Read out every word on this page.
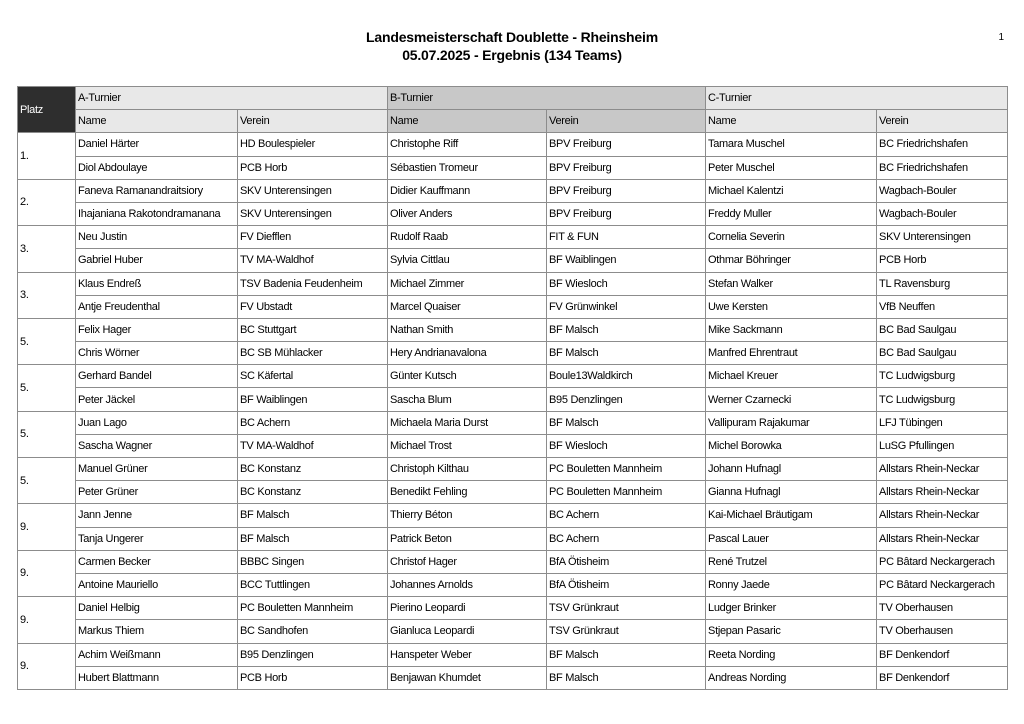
Landesmeisterschaft Doublette - Rheinsheim
05.07.2025 - Ergebnis (134 Teams)
1
Platz	A-Turnier		B-Turnier		C-Turnier	
	Name	Verein	Name	Verein	Name	Verein
1.	Daniel Härter	HD Boulespieler	Christophe Riff	BPV Freiburg	Tamara Muschel	BC Friedrichshafen
	Diol Abdoulaye	PCB Horb	Sébastien Tromeur	BPV Freiburg	Peter Muschel	BC Friedrichshafen
2.	Faneva Ramanandraitsiory	SKV Unterensingen	Didier Kauffmann	BPV Freiburg	Michael Kalentzi	Wagbach-Bouler
	Ihajaniana Rakotondramanana	SKV Unterensingen	Oliver Anders	BPV Freiburg	Freddy Muller	Wagbach-Bouler
3.	Neu Justin	FV Diefflen	Rudolf Raab	FIT & FUN	Cornelia Severin	SKV Unterensingen
	Gabriel Huber	TV MA-Waldhof	Sylvia Cittlau	BF Waiblingen	Othmar Böhringer	PCB Horb
3.	Klaus Endreß	TSV Badenia Feudenheim	Michael Zimmer	BF Wiesloch	Stefan Walker	TL Ravensburg
	Antje Freudenthal	FV Ubstadt	Marcel Quaiser	FV Grünwinkel	Uwe Kersten	VfB Neuffen
5.	Felix Hager	BC Stuttgart	Nathan Smith	BF Malsch	Mike Sackmann	BC Bad Saulgau
	Chris Wörner	BC SB Mühlacker	Hery Andrianavalona	BF Malsch	Manfred Ehrentraut	BC Bad Saulgau
5.	Gerhard Bandel	SC Käfertal	Günter Kutsch	Boule13Waldkirch	Michael Kreuer	TC Ludwigsburg
	Peter Jäckel	BF Waiblingen	Sascha Blum	B95 Denzlingen	Werner Czarnecki	TC Ludwigsburg
5.	Juan Lago	BC Achern	Michaela Maria Durst	BF Malsch	Vallipuram Rajakumar	LFJ Tübingen
	Sascha Wagner	TV MA-Waldhof	Michael Trost	BF Wiesloch	Michel Borowka	LuSG Pfullingen
5.	Manuel Grüner	BC Konstanz	Christoph Kilthau	PC Bouletten Mannheim	Johann Hufnagl	Allstars Rhein-Neckar
	Peter Grüner	BC Konstanz	Benedikt Fehling	PC Bouletten Mannheim	Gianna Hufnagl	Allstars Rhein-Neckar
9.	Jann Jenne	BF Malsch	Thierry Béton	BC Achern	Kai-Michael Bräutigam	Allstars Rhein-Neckar
	Tanja Ungerer	BF Malsch	Patrick Beton	BC Achern	Pascal Lauer	Allstars Rhein-Neckar
9.	Carmen Becker	BBBC Singen	Christof Hager	BfA Ötisheim	René Trutzel	PC Bâtard Neckargerach
	Antoine Mauriello	BCC Tuttlingen	Johannes Arnolds	BfA Ötisheim	Ronny Jaede	PC Bâtard Neckargerach
9.	Daniel Helbig	PC Bouletten Mannheim	Pierino Leopardi	TSV Grünkraut	Ludger Brinker	TV Oberhausen
	Markus Thiem	BC Sandhofen	Gianluca Leopardi	TSV Grünkraut	Stjepan Pasaric	TV Oberhausen
9.	Achim Weißmann	B95 Denzlingen	Hanspeter Weber	BF Malsch	Reeta Nording	BF Denkendorf
	Hubert Blattmann	PCB Horb	Benjawan Khumdet	BF Malsch	Andreas Nording	BF Denkendorf
